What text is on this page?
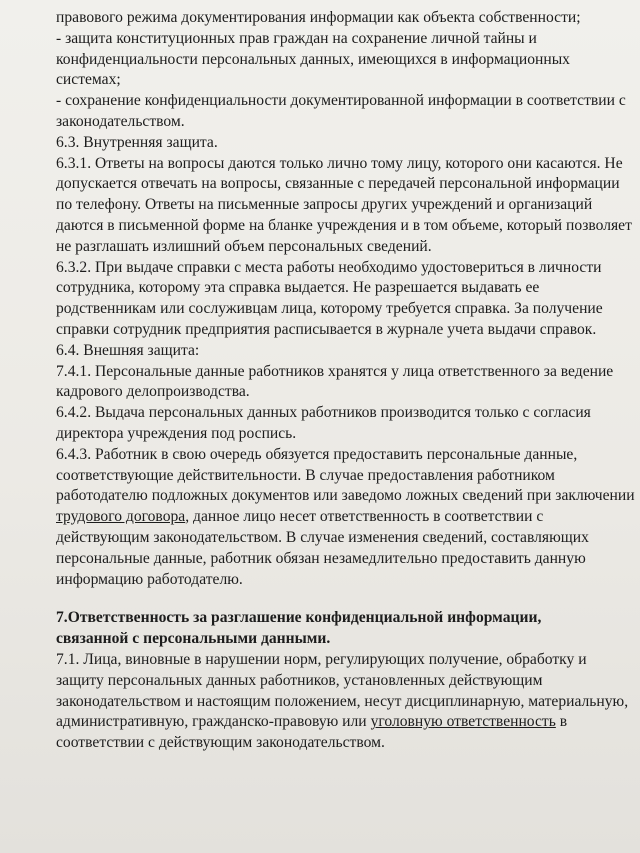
правового режима документирования информации как объекта собственности;

- защита конституционных прав граждан на сохранение личной тайны и конфиденциальности персональных данных, имеющихся в информационных системах;

- сохранение конфиденциальности документированной информации в соответствии с законодательством.

6.3. Внутренняя защита.

6.3.1. Ответы на вопросы даются только лично тому лицу, которого они касаются. Не допускается отвечать на вопросы, связанные с передачей персональной информации по телефону. Ответы на письменные запросы других учреждений и организаций даются в письменной форме на бланке учреждения и в том объеме, который позволяет не разглашать излишний объем персональных сведений.

6.3.2. При выдаче справки с места работы необходимо удостовериться в личности сотрудника, которому эта справка выдается. Не разрешается выдавать ее родственникам или сослуживцам лица, которому требуется справка. За получение справки сотрудник предприятия расписывается в журнале учета выдачи справок.

6.4. Внешняя защита:

7.4.1. Персональные данные работников хранятся у лица ответственного за ведение кадрового делопроизводства.

6.4.2. Выдача персональных данных работников производится только с согласия директора учреждения под роспись.

6.4.3. Работник в свою очередь обязуется предоставить персональные данные, соответствующие действительности. В случае предоставления работником работодателю подложных документов или заведомо ложных сведений при заключении трудового договора, данное лицо несет ответственность в соответствии с действующим законодательством. В случае изменения сведений, составляющих персональные данные, работник обязан незамедлительно предоставить данную информацию работодателю.

7.Ответственность за разглашение конфиденциальной информации,

связанной с персональными данными.

7.1. Лица, виновные в нарушении норм, регулирующих получение, обработку и защиту персональных данных работников, установленных действующим законодательством и настоящим положением, несут дисциплинарную, материальную, административную, гражданско-правовую или уголовную ответственность в соответствии с действующим законодательством.
